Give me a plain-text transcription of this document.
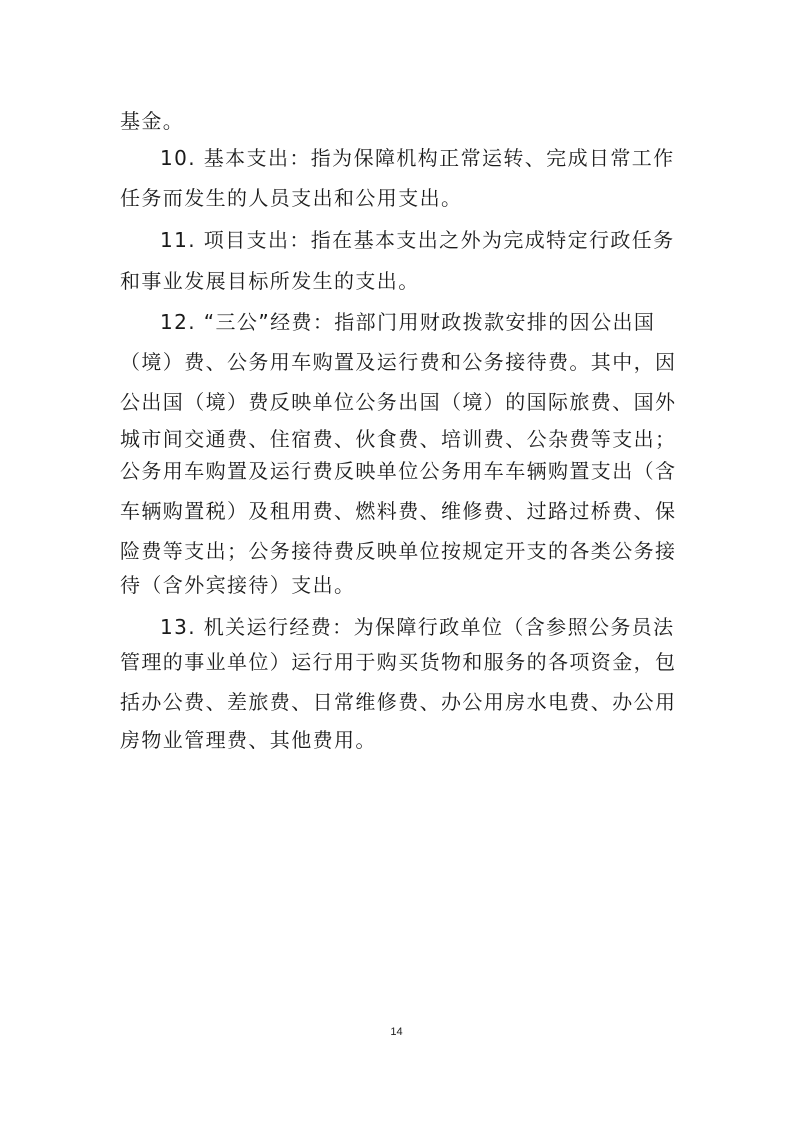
基金。
10. 基本支出：指为保障机构正常运转、完成日常工作
任务而发生的人员支出和公用支出。
11. 项目支出：指在基本支出之外为完成特定行政任务
和事业发展目标所发生的支出。
12. “三公”经费：指部门用财政拨款安排的因公出国
（境）费、公务用车购置及运行费和公务接待费。其中，因
公出国（境）费反映单位公务出国（境）的国际旅费、国外
城市间交通费、住宿费、伙食费、培训费、公杂费等支出；
公务用车购置及运行费反映单位公务用车车辆购置支出（含
车辆购置税）及租用费、燃料费、维修费、过路过桥费、保
险费等支出；公务接待费反映单位按规定开支的各类公务接
待（含外宾接待）支出。
13. 机关运行经费：为保障行政单位（含参照公务员法
管理的事业单位）运行用于购买货物和服务的各项资金，包
括办公费、差旅费、日常维修费、办公用房水电费、办公用
房物业管理费、其他费用。
14
